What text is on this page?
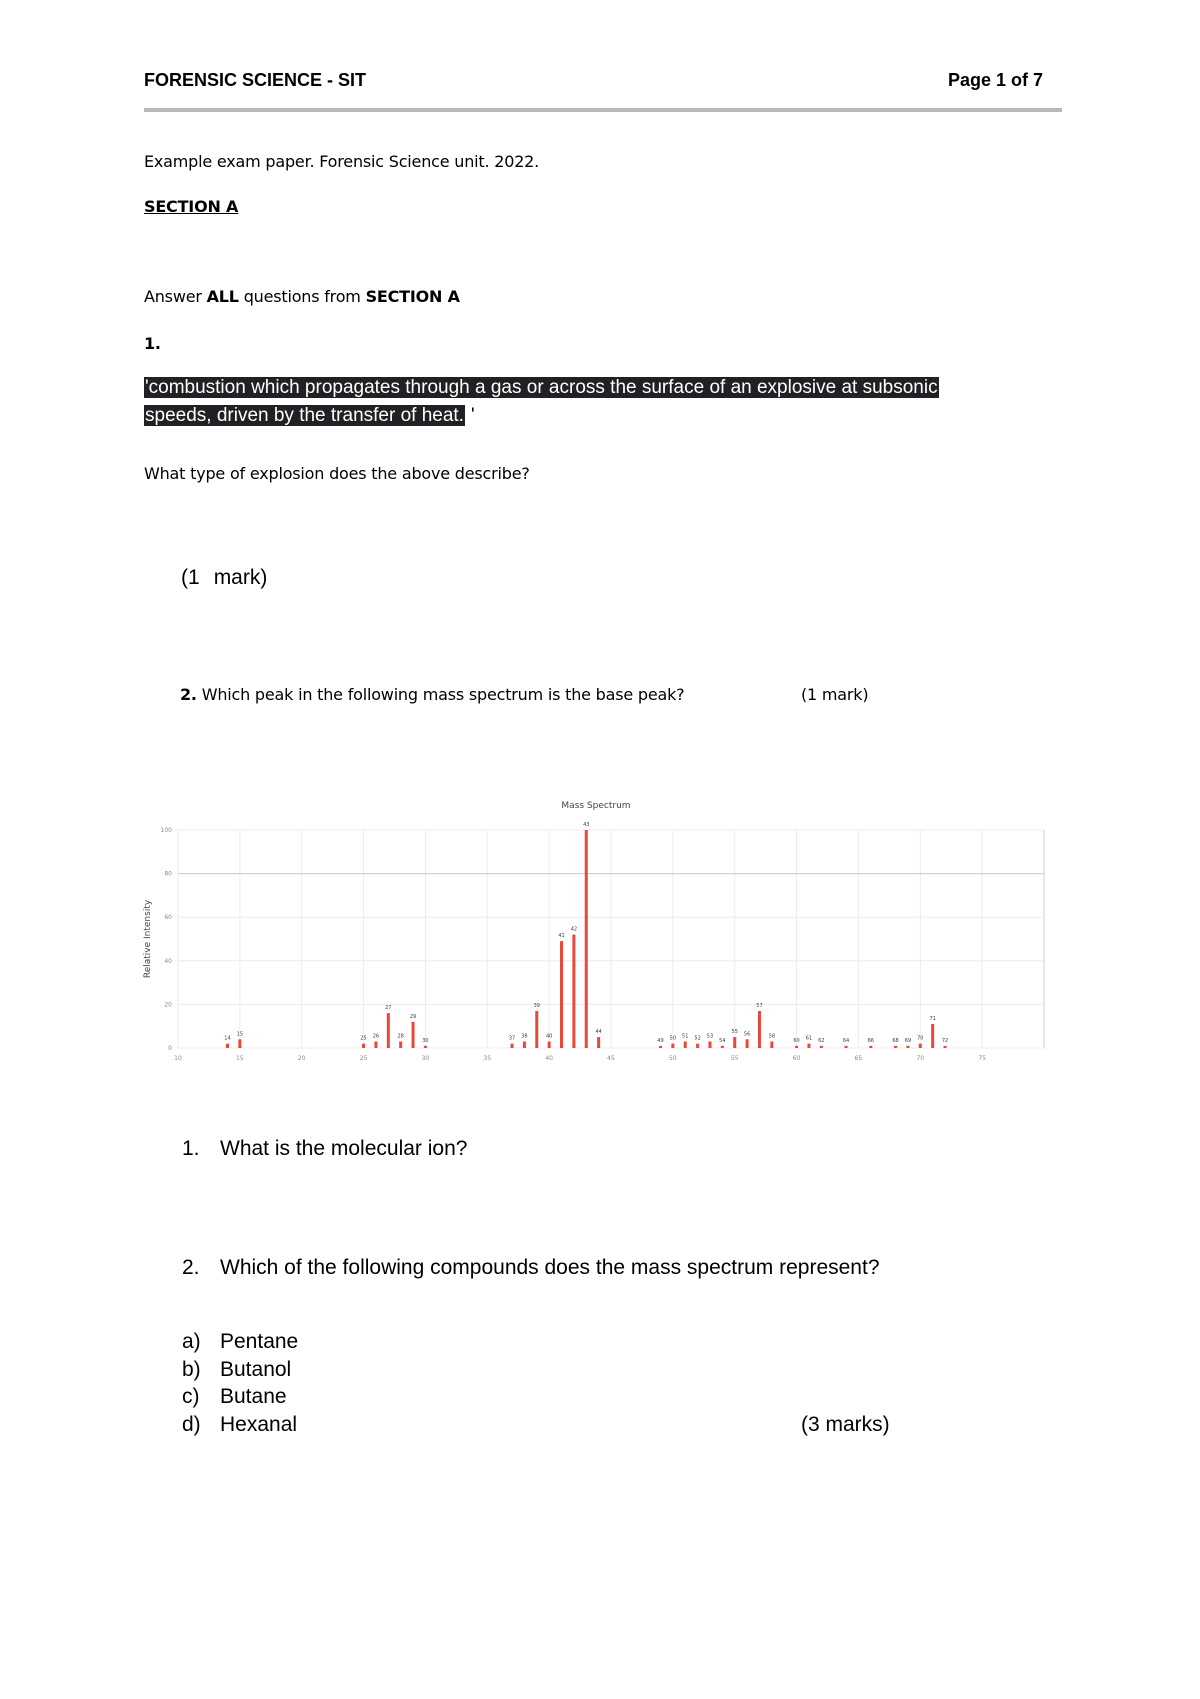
FORENSIC SCIENCE - SIT	Page 1 of 7
Example exam paper. Forensic Science unit. 2022.
SECTION A
Answer ALL questions from SECTION A
1.
'combustion which propagates through a gas or across the surface of an explosive at subsonic
speeds, driven by the transfer of heat. '
What type of explosion does the above describe?
(1 mark)
2. Which peak in the following mass spectrum is the base peak?	(1 mark)
Mass Spectrum
Relative Intensity
14
15
25 26
27
28
29
30	37 38
39
40
41
42
43
44
49 50 51 52 53
54
55 56
57
58
60 61 62	64	66	68 69 70
71
72
10	15	20	25	30	35	40	45	50	55	60	65	70	75
0
20
40
60
80
100
1. What is the molecular ion?
2. Which of the following compounds does the mass spectrum represent?
a) Pentane
b) Butanol
c) Butane
d) Hexanal	(3 marks)
